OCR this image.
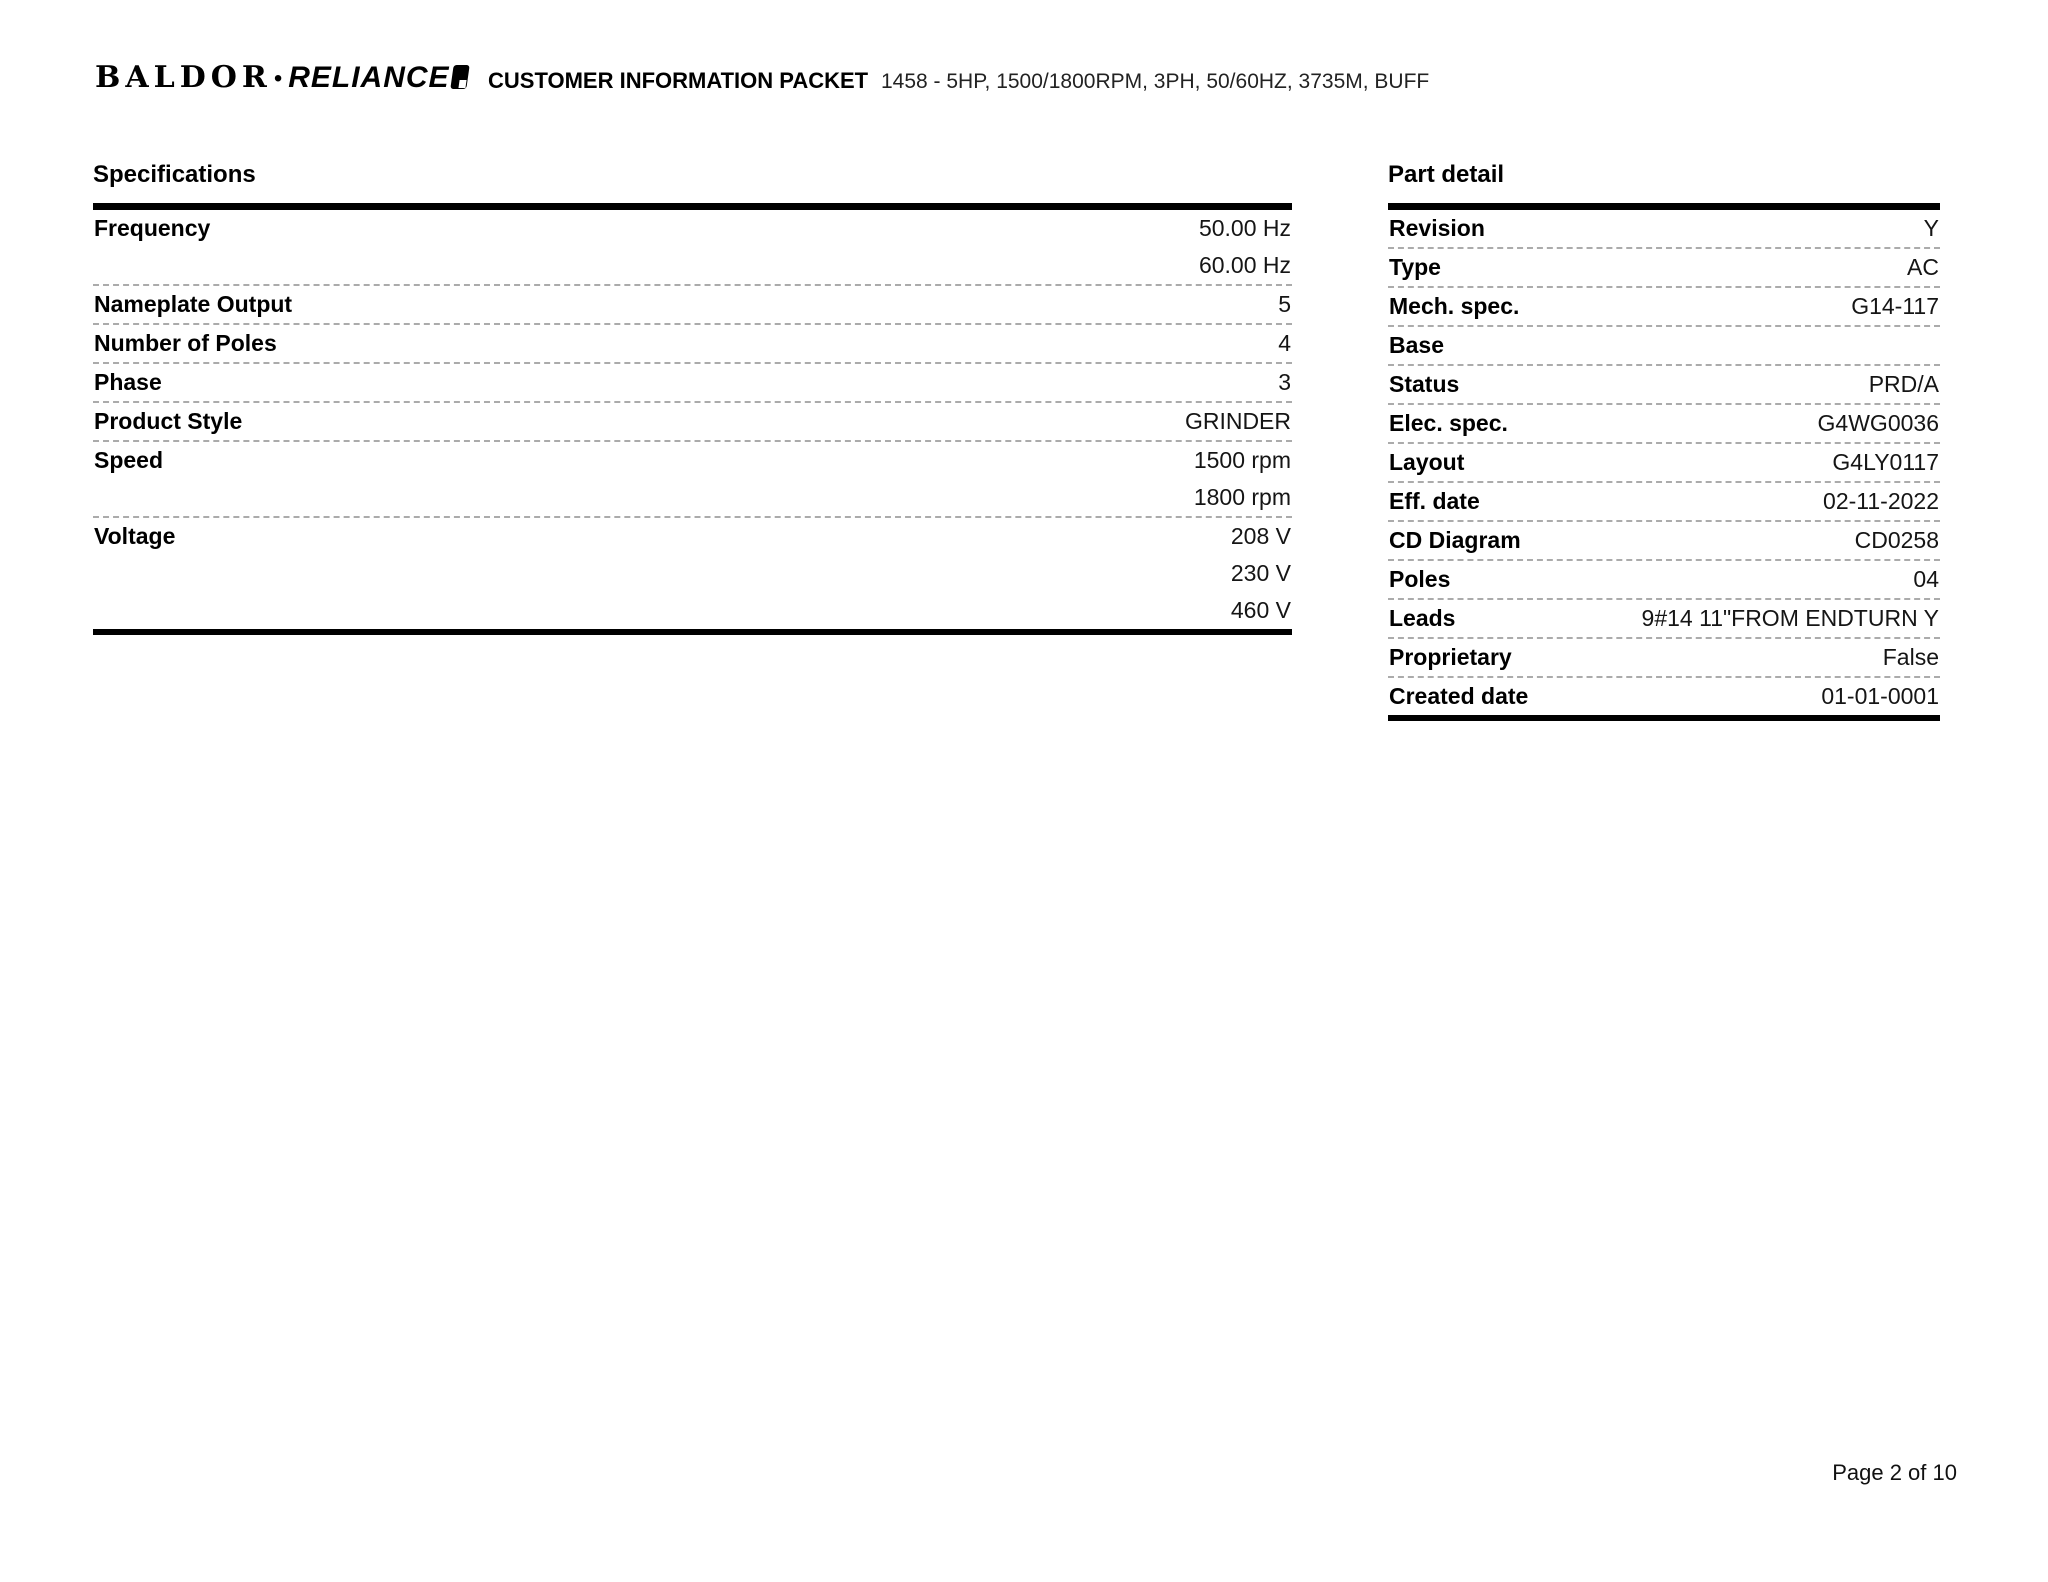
BALDOR• RELIANCE	CUSTOMER INFORMATION PACKET 1458 - 5HP, 1500/1800RPM, 3PH, 50/60HZ, 3735M, BUFF
Specifications	Part detail
Frequency	50.00 Hz
60.00 Hz
Nameplate Output	5
Number of Poles	4
Phase	3
Product Style	GRINDER
Speed	1500 rpm
1800 rpm
Voltage	208 V
230 V
460 V
Revision	Y
Type	AC
Mech. spec.	G14-117
Base
Status	PRD/A
Elec. spec.	G4WG0036
Layout	G4LY0117
Eff. date	02-11-2022
CD Diagram	CD0258
Poles	04
Leads	9#14 11"FROM ENDTURN Y
Proprietary	False
Created date	01-01-0001
Page 2 of 10
